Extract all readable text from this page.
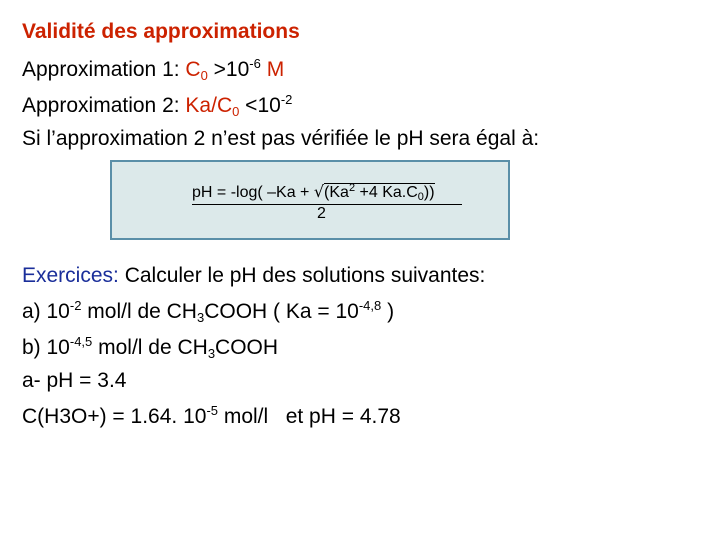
Validité des approximations
Approximation 1: $C_0 >10^{-6}$ M
Approximation 2: $Ka/C_0 <10^{-2}$
Si l’approximation 2 n’est pas vérifiée le pH sera égal à:
pH = -log( $-Ka + √(Ka^2 +4$ $Ka.C_0$))
2
Exercices: Calculer le pH des solutions suivantes:
a) $10^{-2}$ mol/l de $CH_3COOH$ ( $Ka = 10^{-4,8}$ )
b) $10^{-4,5}$ mol/l de $CH_3COOH$
a- pH = 3.4
C(H3O+) = 1.64. $10^{-5}$ mol/l   et pH = 4.78
